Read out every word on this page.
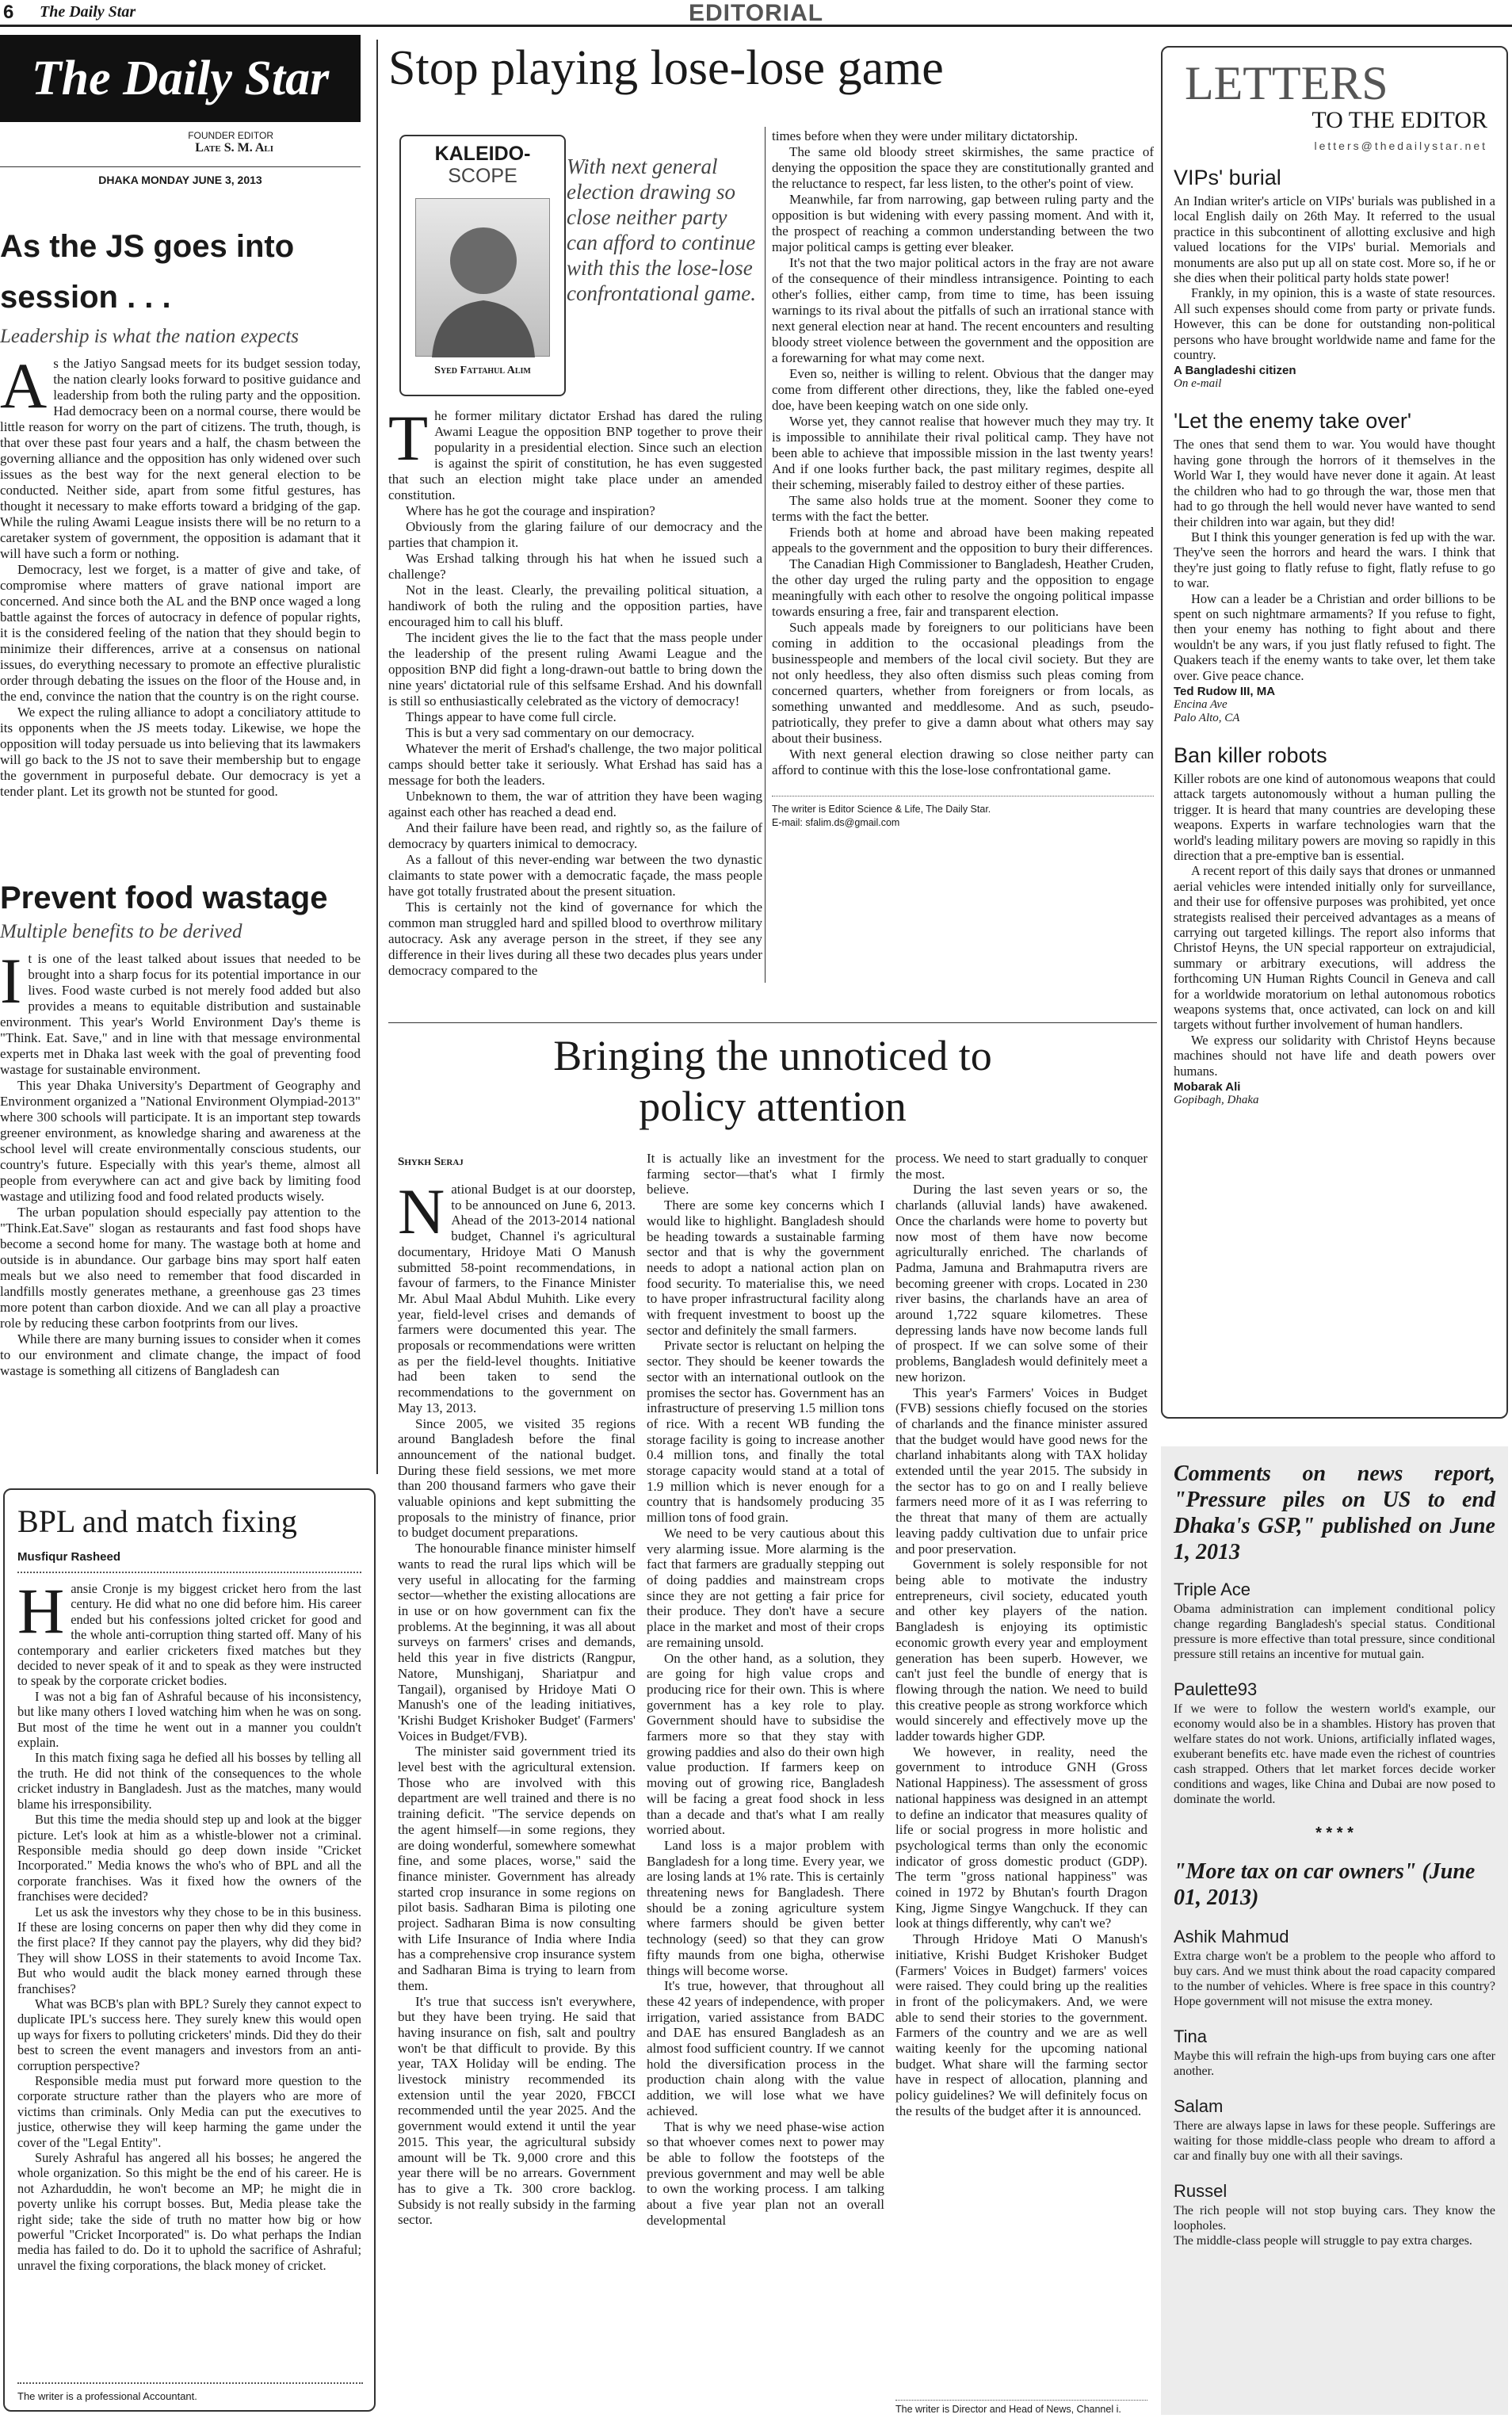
6 The Daily Star	EDITORIAL
The Daily Star
FOUNDER EDITOR
Late S. M. Ali
DHAKA MONDAY JUNE 3, 2013
As the JS goes into session . . .
Leadership is what the nation expects
A s the Jatiyo Sangsad meets for its budget session today, the nation clearly looks forward to positive guidance and leadership from both the ruling party and the opposition. Had democracy been on a normal course, there would be little reason for worry on the part of citizens. The truth, though, is that over these past four years and a half, the chasm between the governing alliance and the opposition has only widened over such issues as the best way for the next general election to be conducted. Neither side, apart from some fitful gestures, has thought it necessary to make efforts toward a bridging of the gap. While the ruling Awami League insists there will be no return to a caretaker system of government, the opposition is adamant that it will have such a form or nothing.

Democracy, lest we forget, is a matter of give and take, of compromise where matters of grave national import are concerned. And since both the AL and the BNP once waged a long battle against the forces of autocracy in defence of popular rights, it is the considered feeling of the nation that they should begin to minimize their differences, arrive at a consensus on national issues, do everything necessary to promote an effective pluralistic order through debating the issues on the floor of the House and, in the end, convince the nation that the country is on the right course.

We expect the ruling alliance to adopt a conciliatory attitude to its opponents when the JS meets today. Likewise, we hope the opposition will today persuade us into believing that its lawmakers will go back to the JS not to save their membership but to engage the government in purposeful debate. Our democracy is yet a tender plant. Let its growth not be stunted for good.

Prevent food wastage
Multiple benefits to be derived
I t is one of the least talked about issues that needed to be brought into a sharp focus for its potential importance in our lives. Food waste curbed is not merely food added but also provides a means to equitable distribution and sustainable environment. This year's World Environment Day's theme is "Think. Eat. Save," and in line with that message environmental experts met in Dhaka last week with the goal of preventing food wastage for sustainable environment.

This year Dhaka University's Department of Geography and Environment organized a "National Environment Olympiad-2013" where 300 schools will participate. It is an important step towards greener environment, as knowledge sharing and awareness at the school level will create environmentally conscious students, our country's future. Especially with this year's theme, almost all people from everywhere can act and give back by limiting food wastage and utilizing food and food related products wisely.

The urban population should especially pay attention to the "Think.Eat.Save" slogan as restaurants and fast food shops have become a second home for many. The wastage both at home and outside is in abundance. Our garbage bins may sport half eaten meals but we also need to remember that food discarded in landfills mostly generates methane, a greenhouse gas 23 times more potent than carbon dioxide. And we can all play a proactive role by reducing these carbon footprints from our lives.

While there are many burning issues to consider when it comes to our environment and climate change, the impact of food wastage is something all citizens of Bangladesh can

BPL and match fixing
Musfiqur Rasheed
H ansie Cronje is my biggest cricket hero from the last century. He did what no one did before him. His career ended but his confessions jolted cricket for good and the whole anti-corruption thing started off. Many of his contemporary and earlier cricketers fixed matches but they decided to never speak of it and to speak as they were instructed to speak by the corporate cricket bodies.

I was not a big fan of Ashraful because of his inconsistency, but like many others I loved watching him when he was on song. But most of the time he went out in a manner you couldn't explain.

In this match fixing saga he defied all his bosses by telling all the truth. He did not think of the consequences to the whole cricket industry in Bangladesh. Just as the matches, many would blame his irresponsibility.

But this time the media should step up and look at the bigger picture. Let's look at him as a whistle-blower not a criminal. Responsible media should go deep down inside "Cricket Incorporated." Media knows the who's who of BPL and all the corporate franchises. Was it fixed how the owners of the franchises were decided?

Let us ask the investors why they chose to be in this business. If these are losing concerns on paper then why did they come in the first place? If they cannot pay the players, why did they bid? They will show LOSS in their statements to avoid Income Tax. But who would audit the black money earned through these franchises?

What was BCB's plan with BPL? Surely they cannot expect to duplicate IPL's success here. They surely knew this would open up ways for fixers to polluting cricketers' minds. Did they do their best to screen the event managers and investors from an anti-corruption perspective?

Responsible media must put forward more question to the corporate structure rather than the players who are more of victims than criminals. Only Media can put the executives to justice, otherwise they will keep harming the game under the cover of the "Legal Entity".

Surely Ashraful has angered all his bosses; he angered the whole organization. So this might be the end of his career. He is not Azharduddin, he won't become an MP; he might die in poverty unlike his corrupt bosses. But, Media please take the right side; take the side of truth no matter how big or how powerful "Cricket Incorporated" is. Do what perhaps the Indian media has failed to do. Do it to uphold the sacrifice of Ashraful; unravel the fixing corporations, the black money of cricket.

The writer is a professional Accountant.
Stop playing lose-lose game
KALEIDO-
SCOPE
Syed Fattahul Alim
With next general election drawing so close neither party can afford to continue with this the lose-lose confrontational game.
T he former military dictator Ershad has dared the ruling Awami League the opposition BNP together to prove their popularity in a presidential election. Since such an election is against the spirit of constitution, he has even suggested that such an election might take place under an amended constitution.

Where has he got the courage and inspiration?

Obviously from the glaring failure of our democracy and the parties that champion it.

Was Ershad talking through his hat when he issued such a challenge?

Not in the least. Clearly, the prevailing political situation, a handiwork of both the ruling and the opposition parties, have encouraged him to call his bluff.

The incident gives the lie to the fact that the mass people under the leadership of the present ruling Awami League and the opposition BNP did fight a long-drawn-out battle to bring down the nine years' dictatorial rule of this selfsame Ershad. And his downfall is still so enthusiastically celebrated as the victory of democracy!

Things appear to have come full circle.

This is but a very sad commentary on our democracy.

Whatever the merit of Ershad's challenge, the two major political camps should better take it seriously. What Ershad has said has a message for both the leaders.

Unbeknown to them, the war of attrition they have been waging against each other has reached a dead end.

And their failure have been read, and rightly so, as the failure of democracy by quarters inimical to democracy.

As a fallout of this never-ending war between the two dynastic claimants to state power with a democratic façade, the mass people have got totally frustrated about the present situation.

This is certainly not the kind of governance for which the common man struggled hard and spilled blood to overthrow military autocracy. Ask any average person in the street, if they see any difference in their lives during all these two decades plus years under democracy compared to the

times before when they were under military dictatorship.

The same old bloody street skirmishes, the same practice of denying the opposition the space they are constitutionally granted and the reluctance to respect, far less listen, to the other's point of view.

Meanwhile, far from narrowing, gap between ruling party and the opposition is but widening with every passing moment. And with it, the prospect of reaching a common understanding between the two major political camps is getting ever bleaker.

It's not that the two major political actors in the fray are not aware of the consequence of their mindless intransigence. Pointing to each other's follies, either camp, from time to time, has been issuing warnings to its rival about the pitfalls of such an irrational stance with next general election near at hand. The recent encounters and resulting bloody street violence between the government and the opposition are a forewarning for what may come next.

Even so, neither is willing to relent. Obvious that the danger may come from different other directions, they, like the fabled one-eyed doe, have been keeping watch on one side only.

Worse yet, they cannot realise that however much they may try. It is impossible to annihilate their rival political camp. They have not been able to achieve that impossible mission in the last twenty years! And if one looks further back, the past military regimes, despite all their scheming, miserably failed to destroy either of these parties.

The same also holds true at the moment. Sooner they come to terms with the fact the better.

Friends both at home and abroad have been making repeated appeals to the government and the opposition to bury their differences.

The Canadian High Commissioner to Bangladesh, Heather Cruden, the other day urged the ruling party and the opposition to engage meaningfully with each other to resolve the ongoing political impasse towards ensuring a free, fair and transparent election.

Such appeals made by foreigners to our politicians have been coming in addition to the occasional pleadings from the businesspeople and members of the local civil society. But they are not only heedless, they also often dismiss such pleas coming from concerned quarters, whether from foreigners or from locals, as something unwanted and meddlesome. And as such, pseudo-patriotically, they prefer to give a damn about what others may say about their business.

With next general election drawing so close neither party can afford to continue with this the lose-lose confrontational game.

The writer is Editor Science & Life, The Daily Star.
E-mail: sfalim.ds@gmail.com
Bringing the unnoticed to
policy attention
Shykh Seraj
N ational Budget is at our doorstep, to be announced on June 6, 2013. Ahead of the 2013-2014 national budget, Channel i's agricultural documentary, Hridoye Mati O Manush submitted 58-point recommendations, in favour of farmers, to the Finance Minister Mr. Abul Maal Abdul Muhith. Like every year, field-level crises and demands of farmers were documented this year. The proposals or recommendations were written as per the field-level thoughts. Initiative had been taken to send the recommendations to the government on May 13, 2013.

Since 2005, we visited 35 regions around Bangladesh before the final announcement of the national budget. During these field sessions, we met more than 200 thousand farmers who gave their valuable opinions and kept submitting the proposals to the ministry of finance, prior to budget document preparations.

The honourable finance minister himself wants to read the rural lips which will be very useful in allocating for the farming sector—whether the existing allocations are in use or on how government can fix the problems. At the beginning, it was all about surveys on farmers' crises and demands, held this year in five districts (Rangpur, Natore, Munshiganj, Shariatpur and Tangail), organised by Hridoye Mati O Manush's one of the leading initiatives, 'Krishi Budget Krishoker Budget' (Farmers' Voices in Budget/FVB).

The minister said government tried its level best with the agricultural extension. Those who are involved with this department are well trained and there is no training deficit. "The service depends on the agent himself—in some regions, they are doing wonderful, somewhere somewhat fine, and some places, worse," said the finance minister. Government has already started crop insurance in some regions on pilot basis. Sadharan Bima is piloting one project. Sadharan Bima is now consulting with Life Insurance of India where India has a comprehensive crop insurance system and Sadharan Bima is trying to learn from them.

It's true that success isn't everywhere, but they have been trying. He said that having insurance on fish, salt and poultry won't be that difficult to provide. By this year, TAX Holiday will be ending. The livestock ministry recommended its extension until the year 2020, FBCCI recommended until the year 2025. And the government would extend it until the year 2015. This year, the agricultural subsidy amount will be Tk. 9,000 crore and this year there will be no arrears. Government has to give a Tk. 300 crore backlog. Subsidy is not really subsidy in the farming sector.

It is actually like an investment for the farming sector—that's what I firmly believe.

There are some key concerns which I would like to highlight. Bangladesh should be heading towards a sustainable farming sector and that is why the government needs to adopt a national action plan on food security. To materialise this, we need to have proper infrastructural facility along with frequent investment to boost up the sector and definitely the small farmers.

Private sector is reluctant on helping the sector. They should be keener towards the sector with an international outlook on the promises the sector has. Government has an infrastructure of preserving 1.5 million tons of rice. With a recent WB funding the storage facility is going to increase another 0.4 million tons, and finally the total storage capacity would stand at a total of 1.9 million which is never enough for a country that is handsomely producing 35 million tons of food grain.

We need to be very cautious about this very alarming issue. More alarming is the fact that farmers are gradually stepping out of doing paddies and mainstream crops since they are not getting a fair price for their produce. They don't have a secure place in the market and most of their crops are remaining unsold.

On the other hand, as a solution, they are going for high value crops and producing rice for their own. This is where government has a key role to play. Government should have to subsidise the farmers more so that they stay with growing paddies and also do their own high value production. If farmers keep on moving out of growing rice, Bangladesh will be facing a great food shock in less than a decade and that's what I am really worried about.

Land loss is a major problem with Bangladesh for a long time. Every year, we are losing lands at 1% rate. This is certainly threatening news for Bangladesh. There should be a zoning agriculture system where farmers should be given better technology (seed) so that they can grow fifty maunds from one bigha, otherwise things will become worse.

It's true, however, that throughout all these 42 years of independence, with proper irrigation, varied assistance from BADC and DAE has ensured Bangladesh as an almost food sufficient country. If we cannot hold the diversification process in the production chain along with the value addition, we will lose what we have achieved.

That is why we need phase-wise action so that whoever comes next to power may be able to follow the footsteps of the previous government and may well be able to own the working process. I am talking about a five year plan not an overall developmental

process. We need to start gradually to conquer the most.

During the last seven years or so, the charlands (alluvial lands) have awakened. Once the charlands were home to poverty but now most of them have now become agriculturally enriched. The charlands of Padma, Jamuna and Brahmaputra rivers are becoming greener with crops. Located in 230 river basins, the charlands have an area of around 1,722 square kilometres. These depressing lands have now become lands full of prospect. If we can solve some of their problems, Bangladesh would definitely meet a new horizon.

This year's Farmers' Voices in Budget (FVB) sessions chiefly focused on the stories of charlands and the finance minister assured that the budget would have good news for the charland inhabitants along with TAX holiday extended until the year 2015. The subsidy in the sector has to go on and I really believe farmers need more of it as I was referring to the threat that many of them are actually leaving paddy cultivation due to unfair price and poor preservation.

Government is solely responsible for not being able to motivate the industry entrepreneurs, civil society, educated youth and other key players of the nation. Bangladesh is enjoying its optimistic economic growth every year and employment generation has been superb. However, we can't just feel the bundle of energy that is flowing through the nation. We need to build this creative people as strong workforce which would sincerely and effectively move up the ladder towards higher GDP.

We however, in reality, need the government to introduce GNH (Gross National Happiness). The assessment of gross national happiness was designed in an attempt to define an indicator that measures quality of life or social progress in more holistic and psychological terms than only the economic indicator of gross domestic product (GDP). The term "gross national happiness" was coined in 1972 by Bhutan's fourth Dragon King, Jigme Singye Wangchuck. If they can look at things differently, why can't we?

Through Hridoye Mati O Manush's initiative, Krishi Budget Krishoker Budget (Farmers' Voices in Budget) farmers' voices were raised. They could bring up the realities in front of the policymakers. And, we were able to send their stories to the government. Farmers of the country and we are as well waiting keenly for the upcoming national budget. What share will the farming sector have in respect of allocation, planning and policy guidelines? We will definitely focus on the results of the budget after it is announced.

The writer is Director and Head of News, Channel i.
LETTERS
TO THE EDITOR
letters@thedailystar.net
VIPs' burial

An Indian writer's article on VIPs' burials was published in a local English daily on 26th May. It referred to the usual practice in this subcontinent of allotting exclusive and high valued locations for the VIPs' burial. Memorials and monuments are also put up all on state cost. More so, if he or she dies when their political party holds state power!

Frankly, in my opinion, this is a waste of state resources. All such expenses should come from party or private funds. However, this can be done for outstanding non-political persons who have brought worldwide name and fame for the country.

A Bangladeshi citizen
On e-mail
'Let the enemy take over'

The ones that send them to war. You would have thought having gone through the horrors of it themselves in the World War I, they would have never done it again. At least the children who had to go through the war, those men that had to go through the hell would never have wanted to send their children into war again, but they did!

But I think this younger generation is fed up with the war. They've seen the horrors and heard the wars. I think that they're just going to flatly refuse to fight, flatly refuse to go to war.

How can a leader be a Christian and order billions to be spent on such nightmare armaments? If you refuse to fight, then your enemy has nothing to fight about and there wouldn't be any wars, if you just flatly refused to fight. The Quakers teach if the enemy wants to take over, let them take over. Give peace chance.

Ted Rudow III, MA
Encina Ave
Palo Alto, CA
Ban killer robots

Killer robots are one kind of autonomous weapons that could attack targets autonomously without a human pulling the trigger. It is heard that many countries are developing these weapons. Experts in warfare technologies warn that the world's leading military powers are moving so rapidly in this direction that a pre-emptive ban is essential.

A recent report of this daily says that drones or unmanned aerial vehicles were intended initially only for surveillance, and their use for offensive purposes was prohibited, yet once strategists realised their perceived advantages as a means of carrying out targeted killings. The report also informs that Christof Heyns, the UN special rapporteur on extrajudicial, summary or arbitrary executions, will address the forthcoming UN Human Rights Council in Geneva and call for a worldwide moratorium on lethal autonomous robotics weapons systems that, once activated, can lock on and kill targets without further involvement of human handlers.

We express our solidarity with Christof Heyns because machines should not have life and death powers over humans.

Mobarak Ali
Gopibagh, Dhaka
Comments on news report, "Pressure piles on US to end Dhaka's GSP," published on June 1, 2013
Triple Ace
Obama administration can implement conditional policy change regarding Bangladesh's special status. Conditional pressure is more effective than total pressure, since conditional pressure still retains an incentive for mutual gain.
Paulette93
If we were to follow the western world's example, our economy would also be in a shambles. History has proven that welfare states do not work. Unions, artificially inflated wages, exuberant benefits etc. have made even the richest of countries cash strapped. Others that let market forces decide worker conditions and wages, like China and Dubai are now posed to dominate the world.
* * * *
"More tax on car owners" (June 01, 2013)
Ashik Mahmud
Extra charge won't be a problem to the people who afford to buy cars. And we must think about the road capacity compared to the number of vehicles. Where is free space in this country? Hope government will not misuse the extra money.
Tina
Maybe this will refrain the high-ups from buying cars one after another.
Salam
There are always lapse in laws for these people. Sufferings are waiting for those middle-class people who dream to afford a car and finally buy one with all their savings.
Russel
The rich people will not stop buying cars. They know the loopholes.
The middle-class people will struggle to pay extra charges.
